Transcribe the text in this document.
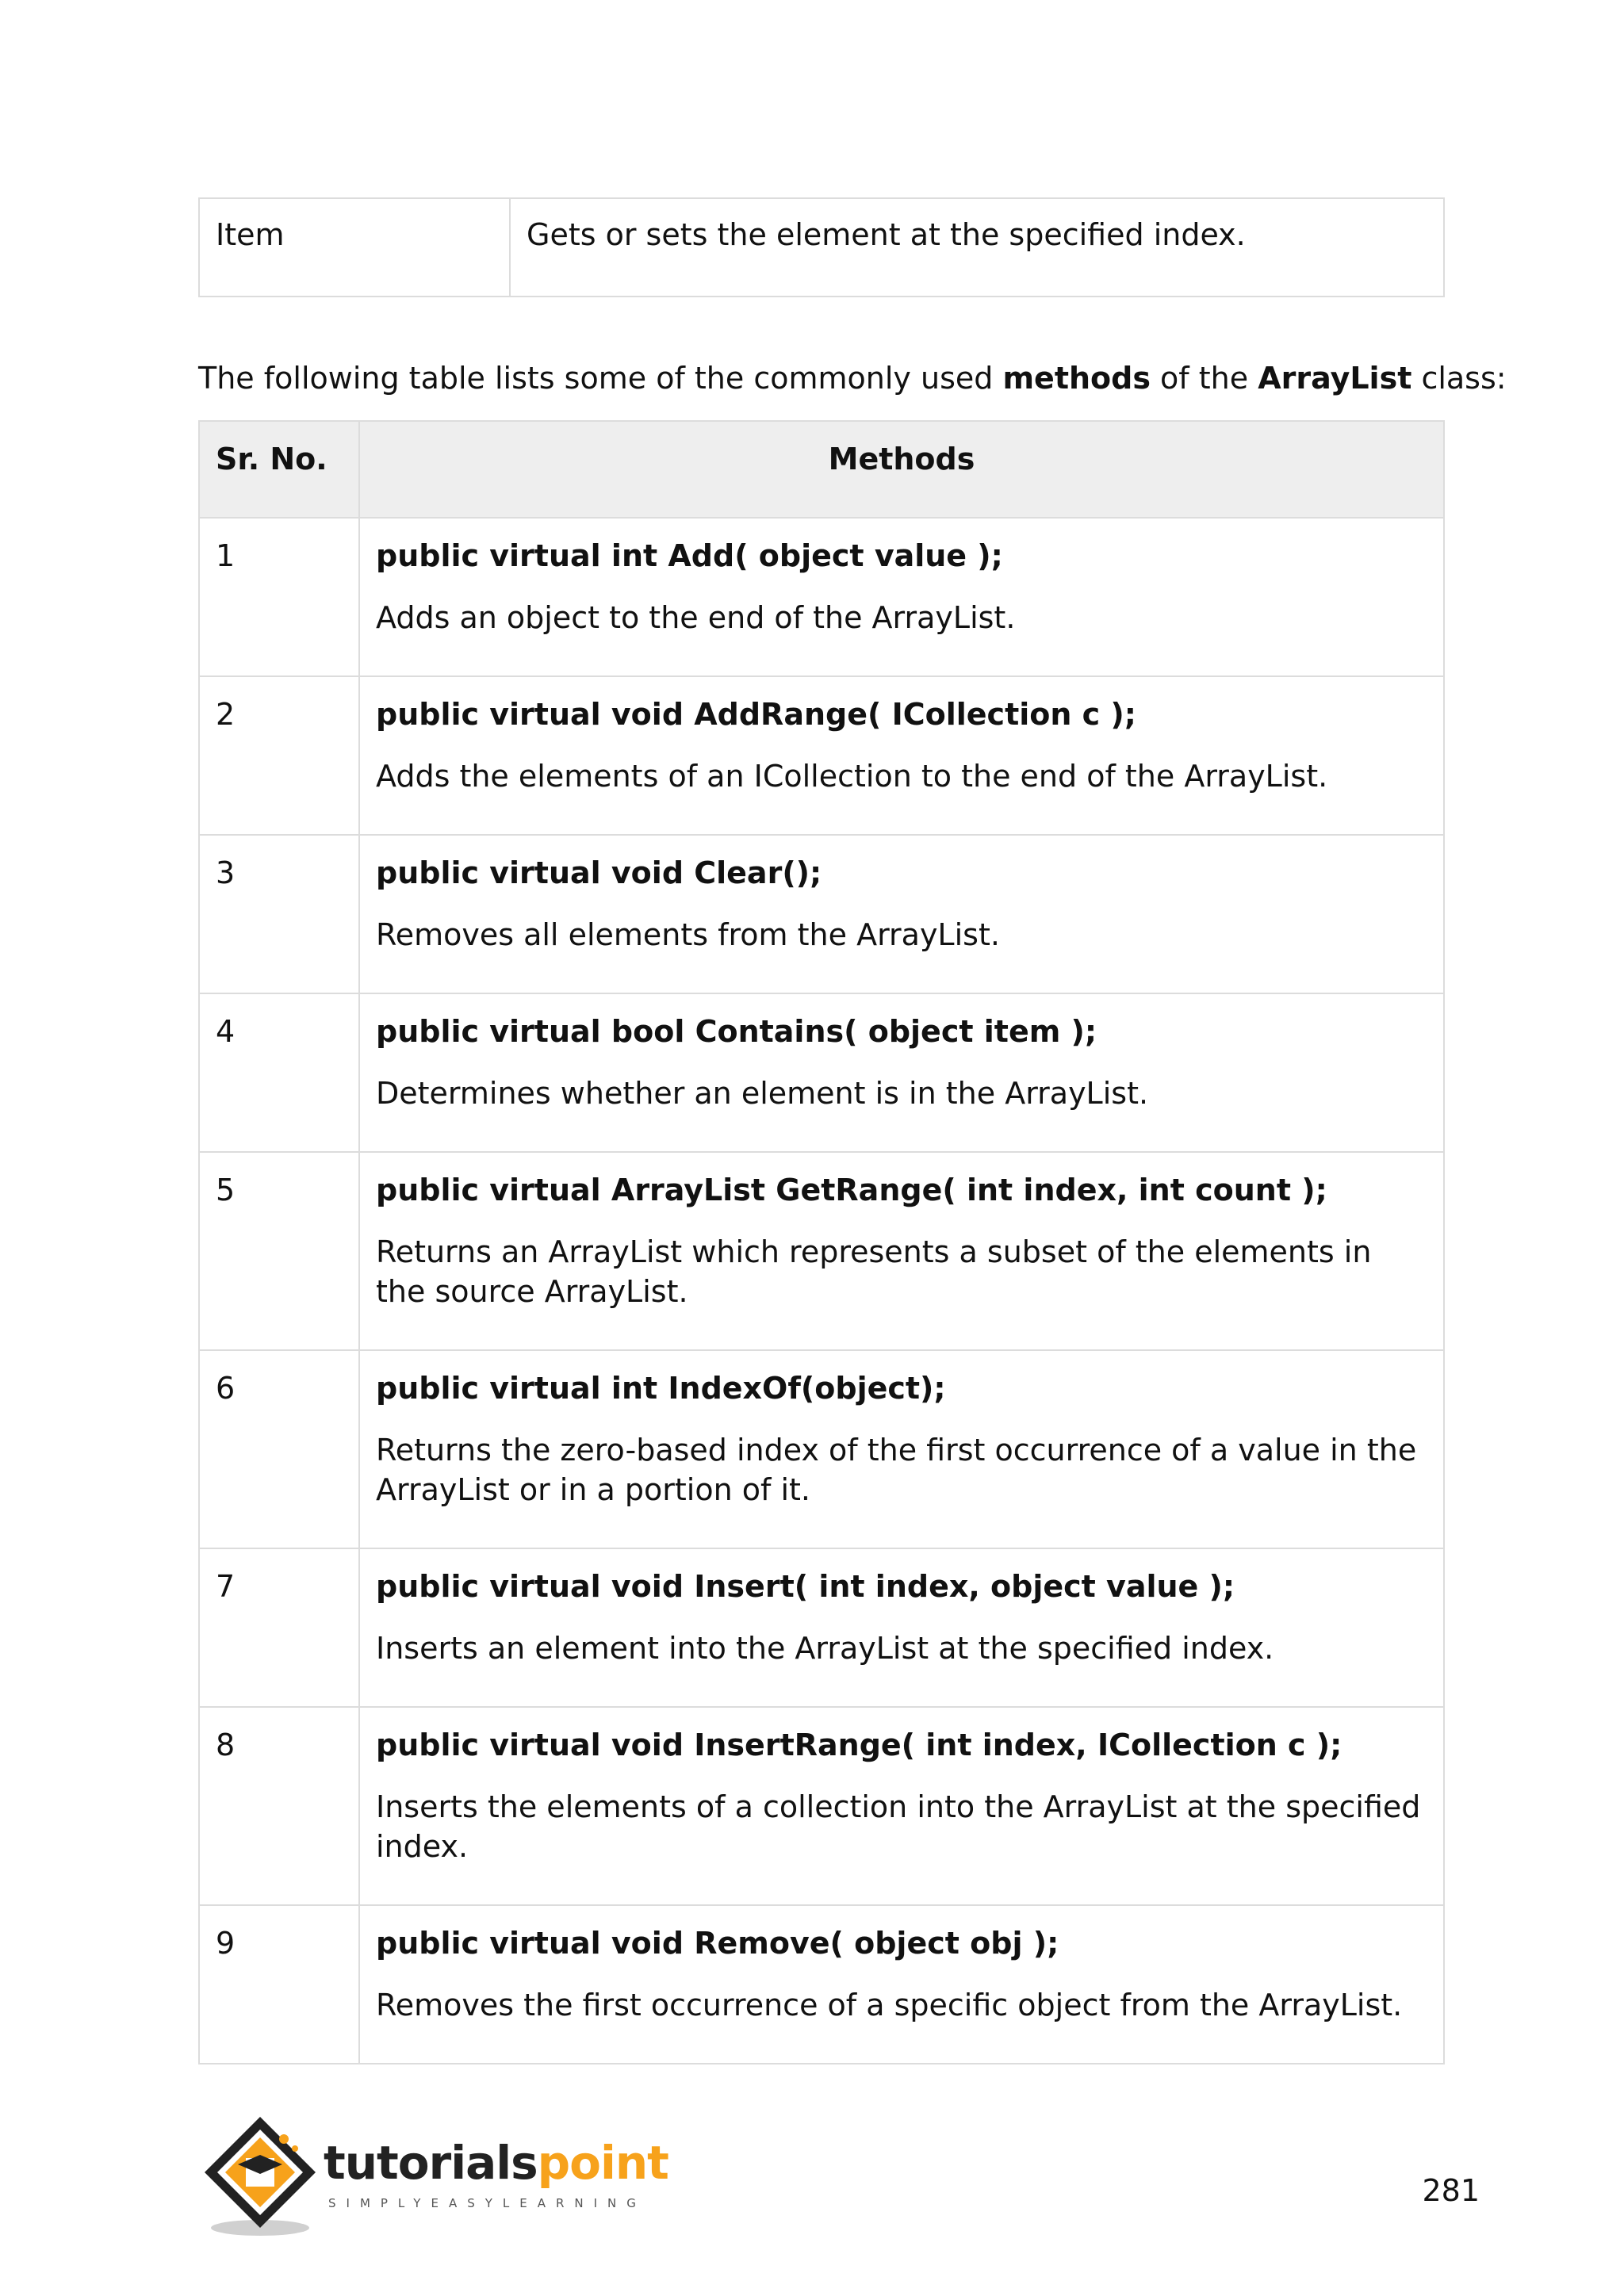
Item	Gets or sets the element at the specified index.

The following table lists some of the commonly used methods of the ArrayList class:

Sr. No.	Methods
1	public virtual int Add( object value );
Adds an object to the end of the ArrayList.

2	public virtual void AddRange( ICollection c );
Adds the elements of an ICollection to the end of the ArrayList.

3	public virtual void Clear();
Removes all elements from the ArrayList.

4	public virtual bool Contains( object item );
Determines whether an element is in the ArrayList.

5	public virtual ArrayList GetRange( int index, int count );
Returns an ArrayList which represents a subset of the elements in the source ArrayList.

6	public virtual int IndexOf(object);
Returns the zero-based index of the first occurrence of a value in the ArrayList or in a portion of it.

7	public virtual void Insert( int index, object value );
Inserts an element into the ArrayList at the specified index.

8	public virtual void InsertRange( int index, ICollection c );
Inserts the elements of a collection into the ArrayList at the specified index.

9	public virtual void Remove( object obj );
Removes the first occurrence of a specific object from the ArrayList.
tutorialspoint
SIMPLYEASYLEARNING	281
